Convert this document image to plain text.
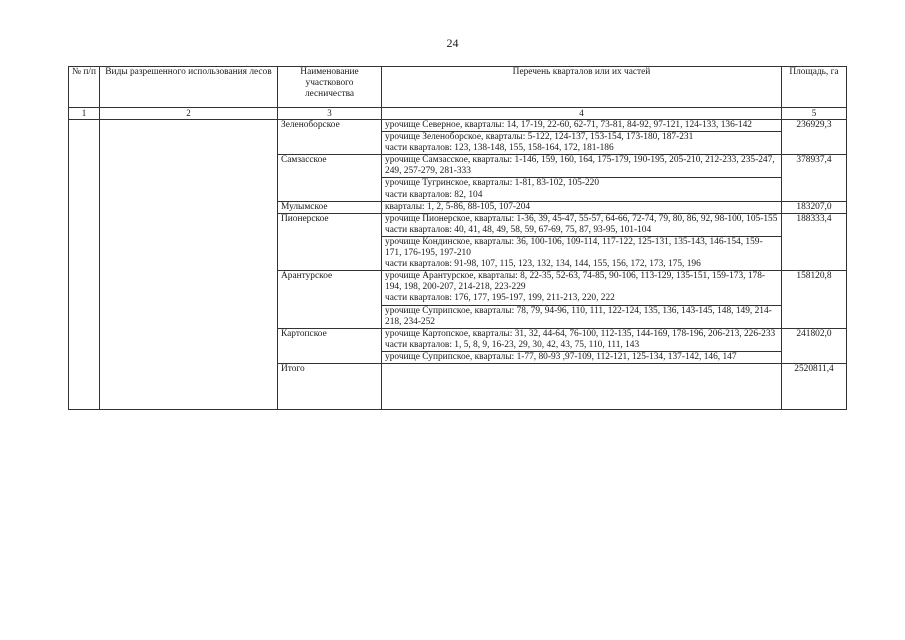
24
№ п/п	Виды разрешенного использования лесов	Наименование участкового лесничества	Перечень кварталов или их частей	Площадь, га
1	2	3	4	5
		Зеленоборское	урочище Северное, кварталы: 14, 17-19, 22-60, 62-71, 73-81, 84-92, 97-121, 124-133, 136-142	236929,3

			урочище Зеленоборское, кварталы: 5-122, 124-137, 153-154, 173-180, 187-231
части кварталов: 123, 138-148, 155, 158-164, 172, 181-186	

		Самзасское	урочище Самзасское, кварталы: 1-146, 159, 160, 164, 175-179, 190-195, 205-210, 212-233, 235-247, 249, 257-279, 281-333	378937,4

			урочище Тугринское, кварталы: 1-81, 83-102, 105-220
части кварталов: 82, 104	

		Мулымское	кварталы: 1, 2, 5-86, 88-105, 107-204	183207,0
		Пионерское	урочище Пионерское, кварталы: 1-36, 39, 45-47, 55-57, 64-66, 72-74, 79, 80, 86, 92, 98-100, 105-155
части кварталов: 40, 41, 48, 49, 58, 59, 67-69, 75, 87, 93-95, 101-104	188333,4

			урочище Кондинское, кварталы: 36, 100-106, 109-114, 117-122, 125-131, 135-143, 146-154, 159-171, 176-195, 197-210
части кварталов: 91-98, 107, 115, 123, 132, 134, 144, 155, 156, 172, 173, 175, 196	

		Арантурское	урочище Арантурское, кварталы: 8, 22-35, 52-63, 74-85, 90-106, 113-129, 135-151, 159-173, 178-194, 198, 200-207, 214-218, 223-229
части кварталов: 176, 177, 195-197, 199, 211-213, 220, 222	158120,8

			урочище Суприпское, кварталы: 78, 79, 94-96, 110, 111, 122-124, 135, 136, 143-145, 148, 149, 214-218, 234-252	

		Картопское	урочище Картопское, кварталы: 31, 32, 44-64, 76-100, 112-135, 144-169, 178-196, 206-213, 226-233
части кварталов: 1, 5, 8, 9, 16-23, 29, 30, 42, 43, 75, 110, 111, 143	241802,0

			урочище Суприпское, кварталы: 1-77, 80-93 ,97-109, 112-121, 125-134, 137-142, 146, 147	

		Итого		2520811,4
